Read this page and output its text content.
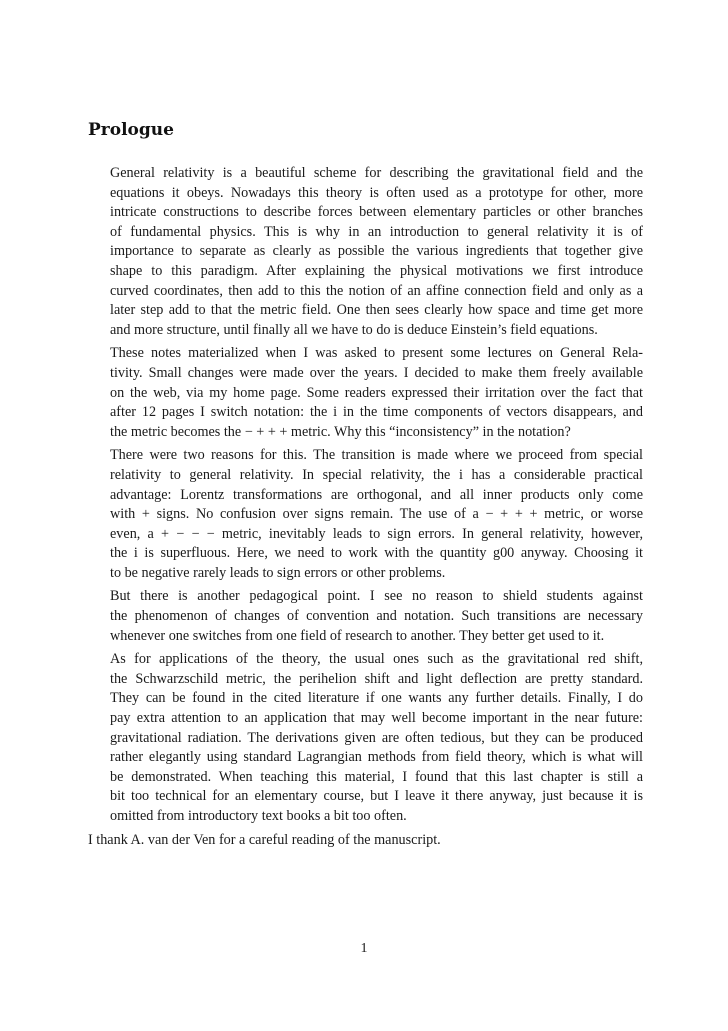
Prologue

General relativity is a beautiful scheme for describing the gravitational field and the
equations it obeys. Nowadays this theory is often used as a prototype for other, more
intricate constructions to describe forces between elementary particles or other branches
of fundamental physics. This is why in an introduction to general relativity it is of
importance to separate as clearly as possible the various ingredients that together give
shape to this paradigm. After explaining the physical motivations we first introduce
curved coordinates, then add to this the notion of an affine connection field and only as a
later step add to that the metric field. One then sees clearly how space and time get more
and more structure, until finally all we have to do is deduce Einstein’s field equations.

These notes materialized when I was asked to present some lectures on General Rela-
tivity. Small changes were made over the years. I decided to make them freely available
on the web, via my home page. Some readers expressed their irritation over the fact that
after 12 pages I switch notation: the i in the time components of vectors disappears, and
the metric becomes the − + + + metric. Why this “inconsistency” in the notation?

There were two reasons for this. The transition is made where we proceed from special
relativity to general relativity. In special relativity, the i has a considerable practical
advantage: Lorentz transformations are orthogonal, and all inner products only come
with + signs. No confusion over signs remain. The use of a − + + + metric, or worse
even, a + − − − metric, inevitably leads to sign errors. In general relativity, however,
the i is superfluous. Here, we need to work with the quantity g00 anyway. Choosing it
to be negative rarely leads to sign errors or other problems.

But there is another pedagogical point. I see no reason to shield students against
the phenomenon of changes of convention and notation. Such transitions are necessary
whenever one switches from one field of research to another. They better get used to it.

As for applications of the theory, the usual ones such as the gravitational red shift,
the Schwarzschild metric, the perihelion shift and light deflection are pretty standard.
They can be found in the cited literature if one wants any further details. Finally, I do
pay extra attention to an application that may well become important in the near future:
gravitational radiation. The derivations given are often tedious, but they can be produced
rather elegantly using standard Lagrangian methods from field theory, which is what will
be demonstrated. When teaching this material, I found that this last chapter is still a
bit too technical for an elementary course, but I leave it there anyway, just because it is
omitted from introductory text books a bit too often.

I thank A. van der Ven for a careful reading of the manuscript.

1
